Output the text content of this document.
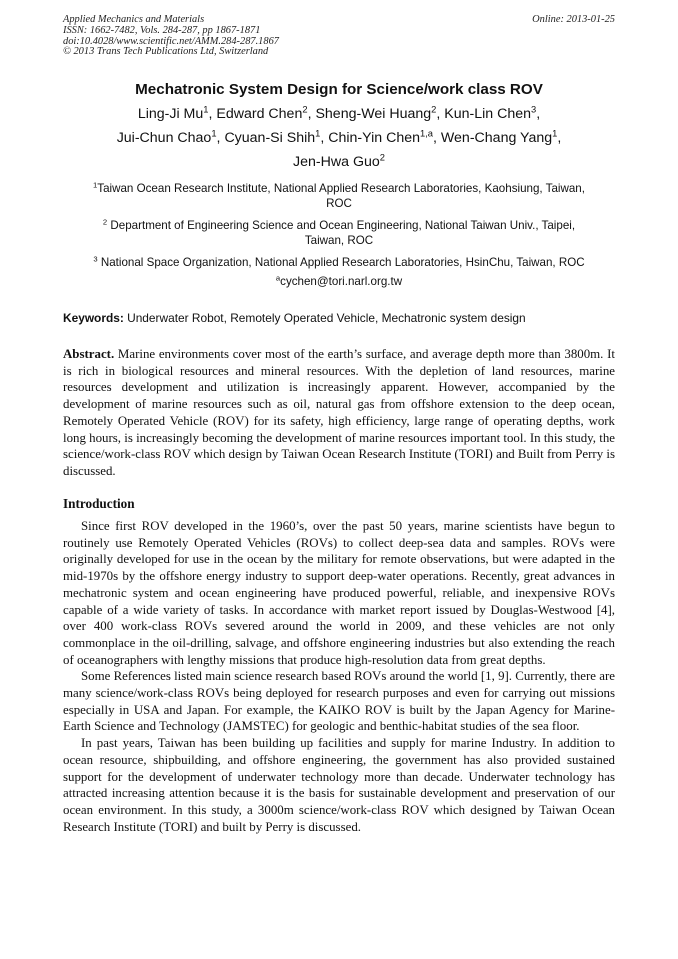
Applied Mechanics and Materials
ISSN: 1662-7482, Vols. 284-287, pp 1867-1871
doi:10.4028/www.scientific.net/AMM.284-287.1867
© 2013 Trans Tech Publications Ltd, Switzerland
Online: 2013-01-25
Mechatronic System Design for Science/work class ROV

Ling-Ji Mu$^1$, Edward Chen$^2$, Sheng-Wei Huang$^2$, Kun-Lin Chen$^3$,

Jui-Chun Chao$^1$, Cyuan-Si Shih$^1$, Chin-Yin Chen$^{1,a}$, Wen-Chang Yang$^1$,

Jen-Hwa Guo$^2$

$^1$Taiwan Ocean Research Institute, National Applied Research Laboratories, Kaohsiung, Taiwan,

ROC

$^2$ Department of Engineering Science and Ocean Engineering, National Taiwan Univ., Taipei,

Taiwan, ROC

$^3$ National Space Organization, National Applied Research Laboratories, HsinChu, Taiwan, ROC

$^a$cychen@tori.narl.org.tw

Keywords: Underwater Robot, Remotely Operated Vehicle, Mechatronic system design

Abstract. Marine environments cover most of the earth’s surface, and average depth more than 3800m. It is rich in biological resources and mineral resources. With the depletion of land resources, marine resources development and utilization is increasingly apparent. However, accompanied by the development of marine resources such as oil, natural gas from offshore extension to the deep ocean, Remotely Operated Vehicle (ROV) for its safety, high efficiency, large range of operating depths, work long hours, is increasingly becoming the development of marine resources important tool. In this study, the science/work-class ROV which design by Taiwan Ocean Research Institute (TORI) and Built from Perry is discussed.

Introduction

Since first ROV developed in the 1960’s, over the past 50 years, marine scientists have begun to routinely use Remotely Operated Vehicles (ROVs) to collect deep-sea data and samples. ROVs were originally developed for use in the ocean by the military for remote observations, but were adapted in the mid-1970s by the offshore energy industry to support deep-water operations. Recently, great advances in mechatronic system and ocean engineering have produced powerful, reliable, and inexpensive ROVs capable of a wide variety of tasks. In accordance with market report issued by Douglas-Westwood [4], over 400 work-class ROVs severed around the world in 2009, and these vehicles are not only commonplace in the oil-drilling, salvage, and offshore engineering industries but also extending the reach of oceanographers with lengthy missions that produce high-resolution data from great depths.

Some References listed main science research based ROVs around the world [1, 9]. Currently, there are many science/work-class ROVs being deployed for research purposes and even for carrying out missions especially in USA and Japan. For example, the KAIKO ROV is built by the Japan Agency for Marine-Earth Science and Technology (JAMSTEC) for geologic and benthic-habitat studies of the sea floor.

In past years, Taiwan has been building up facilities and supply for marine Industry. In addition to ocean resource, shipbuilding, and offshore engineering, the government has also provided sustained support for the development of underwater technology more than decade. Underwater technology has attracted increasing attention because it is the basis for sustainable development and preservation of our ocean environment. In this study, a 3000m science/work-class ROV which designed by Taiwan Ocean Research Institute (TORI) and built by Perry is discussed.
